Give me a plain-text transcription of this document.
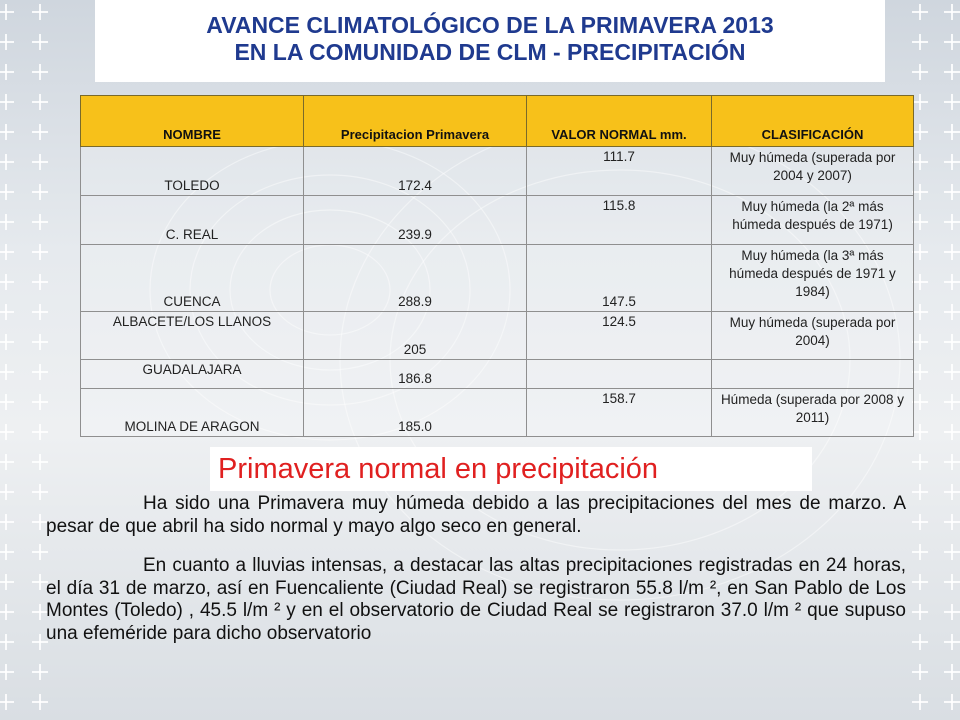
AVANCE CLIMATOLÓGICO DE LA PRIMAVERA 2013
EN LA COMUNIDAD DE CLM - PRECIPITACIÓN
NOMBRE	Precipitacion Primavera	VALOR NORMAL mm.	CLASIFICACIÓN
TOLEDO	172.4	111.7	Muy húmeda (superada por 2004 y 2007)
C. REAL	239.9	115.8	Muy húmeda (la 2ª más húmeda después de 1971)
CUENCA	288.9	147.5	Muy húmeda (la 3ª más húmeda después de 1971 y 1984)
ALBACETE/LOS LLANOS	205	124.5	Muy húmeda (superada por 2004)
GUADALAJARA	186.8		
MOLINA DE ARAGON	185.0	158.7	Húmeda (superada por 2008 y 2011)
Primavera normal en precipitación

Ha sido una Primavera muy húmeda debido a las precipitaciones del mes de marzo. A pesar de que abril ha sido normal y mayo algo seco en general.

En cuanto a lluvias intensas, a destacar las altas precipitaciones registradas en 24 horas, el día 31 de marzo, así en Fuencaliente (Ciudad Real) se registraron 55.8 l/m ², en San Pablo de Los Montes (Toledo) , 45.5 l/m ² y en el observatorio de Ciudad Real se registraron 37.0 l/m ² que supuso una efeméride para dicho observatorio
